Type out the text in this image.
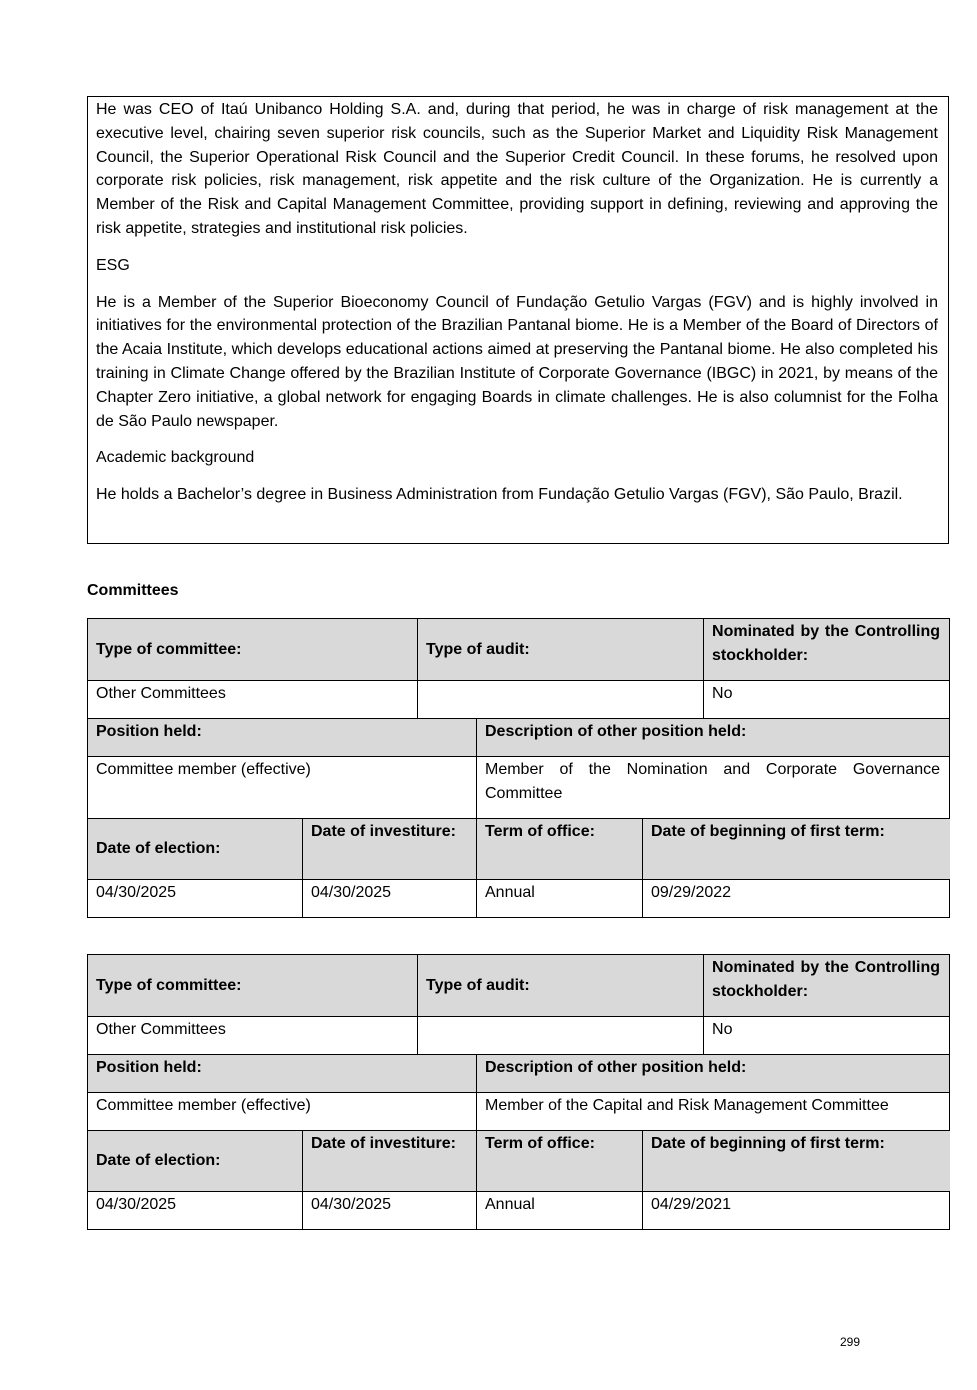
He was CEO of Itaú Unibanco Holding S.A. and, during that period, he was in charge of risk management at the executive level, chairing seven superior risk councils, such as the Superior Market and Liquidity Risk Management Council, the Superior Operational Risk Council and the Superior Credit Council. In these forums, he resolved upon corporate risk policies, risk management, risk appetite and the risk culture of the Organization. He is currently a Member of the Risk and Capital Management Committee, providing support in defining, reviewing and approving the risk appetite, strategies and institutional risk policies.

ESG

He is a Member of the Superior Bioeconomy Council of Fundação Getulio Vargas (FGV) and is highly involved in initiatives for the environmental protection of the Brazilian Pantanal biome. He is a Member of the Board of Directors of the Acaia Institute, which develops educational actions aimed at preserving the Pantanal biome. He also completed his training in Climate Change offered by the Brazilian Institute of Corporate Governance (IBGC) in 2021, by means of the Chapter Zero initiative, a global network for engaging Boards in climate challenges. He is also columnist for the Folha de São Paulo newspaper.

Academic background

He holds a Bachelor’s degree in Business Administration from Fundação Getulio Vargas (FGV), São Paulo, Brazil.

Committees
Type of committee:		Type of audit:			Nominated by the Controlling stockholder:
Other Committees					No
Position held:			Description of other position held:		
Committee member (effective)			Member of the Nomination and Corporate Governance Committee		
Date of election:	Date of investiture:		Term of office:	Date of beginning of first term:	
04/30/2025	04/30/2025		Annual	09/29/2022	
Type of committee:		Type of audit:			Nominated by the Controlling stockholder:
Other Committees					No
Position held:			Description of other position held:		
Committee member (effective)			Member of the Capital and Risk Management Committee		
Date of election:	Date of investiture:		Term of office:	Date of beginning of first term:	
04/30/2025	04/30/2025		Annual	04/29/2021	
299
